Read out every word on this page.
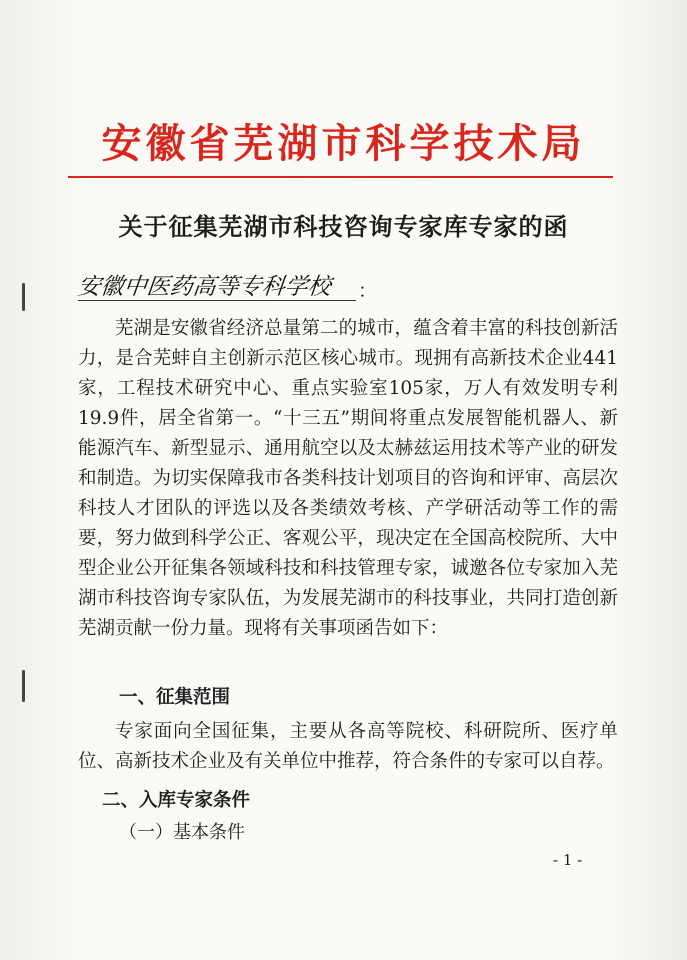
安徽省芜湖市科学技术局
关于征集芜湖市科技咨询专家库专家的函
安徽中医药高等专科学校 ：
芜湖是安徽省经济总量第二的城市，蕴含着丰富的科技创新活力，是合芜蚌自主创新示范区核心城市。现拥有高新技术企业441家，工程技术研究中心、重点实验室105家，万人有效发明专利19.9件，居全省第一。“十三五”期间将重点发展智能机器人、新能源汽车、新型显示、通用航空以及太赫兹运用技术等产业的研发和制造。为切实保障我市各类科技计划项目的咨询和评审、高层次科技人才团队的评选以及各类绩效考核、产学研活动等工作的需要，努力做到科学公正、客观公平，现决定在全国高校院所、大中型企业公开征集各领域科技和科技管理专家，诚邀各位专家加入芜湖市科技咨询专家队伍，为发展芜湖市的科技事业，共同打造创新芜湖贡献一份力量。现将有关事项函告如下：
一、征集范围
专家面向全国征集，主要从各高等院校、科研院所、医疗单位、高新技术企业及有关单位中推荐，符合条件的专家可以自荐。
二、入库专家条件
（一）基本条件
- 1 -
